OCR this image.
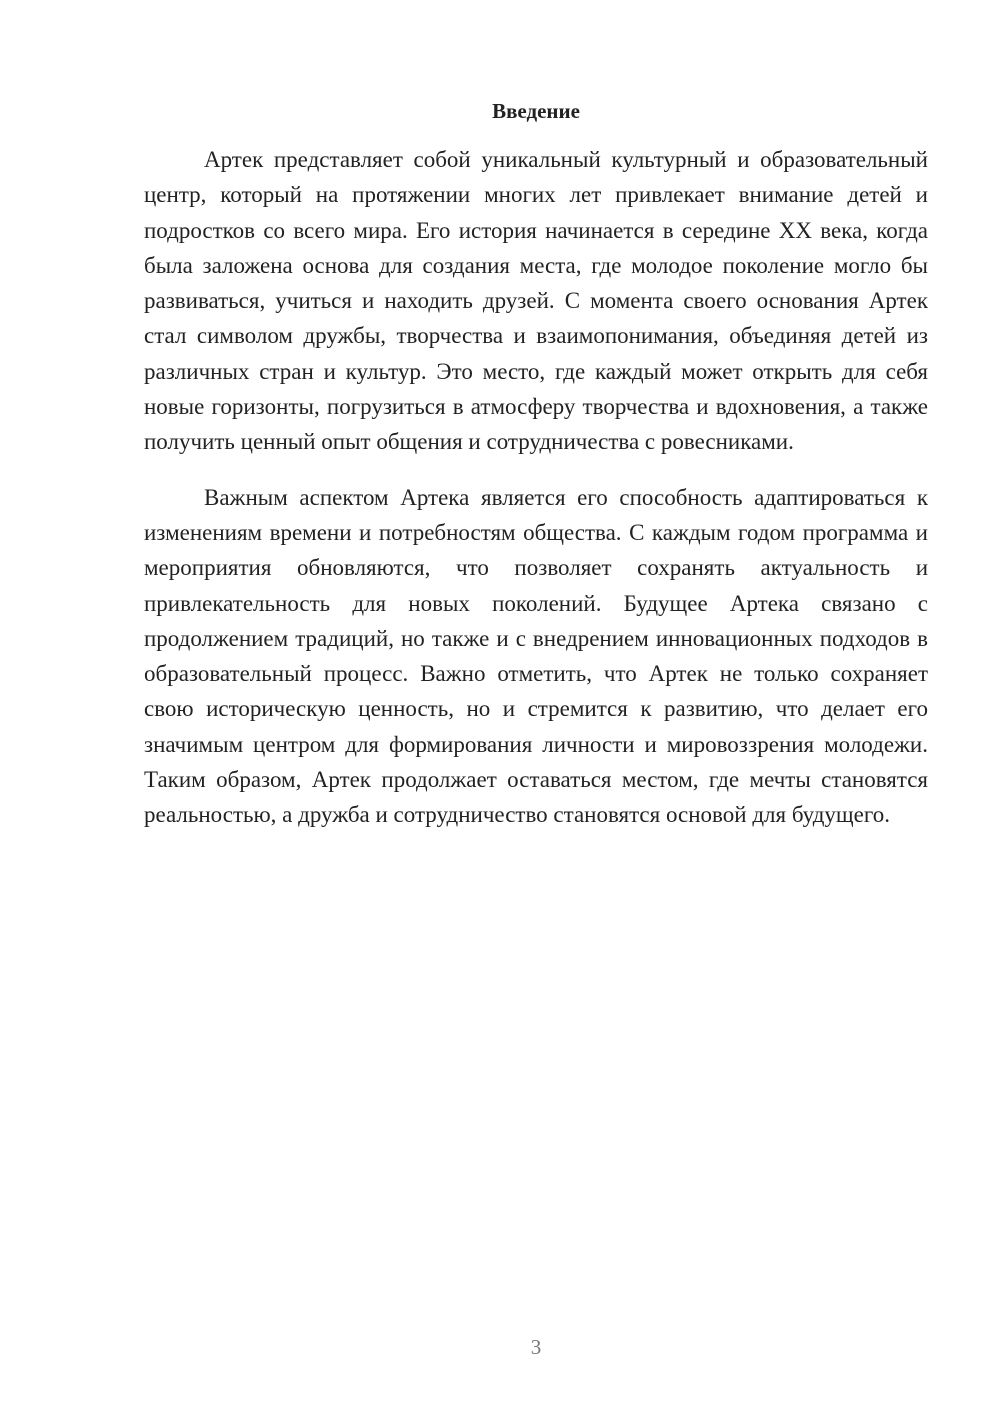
Введение

Артек представляет собой уникальный культурный и образовательный центр, который на протяжении многих лет привлекает внимание детей и подростков со всего мира. Его история начинается в середине XX века, когда была заложена основа для создания места, где молодое поколение могло бы развиваться, учиться и находить друзей. С момента своего основания Артек стал символом дружбы, творчества и взаимопонимания, объединяя детей из различных стран и культур. Это место, где каждый может открыть для себя новые горизонты, погрузиться в атмосферу творчества и вдохновения, а также получить ценный опыт общения и сотрудничества с ровесниками.

Важным аспектом Артека является его способность адаптироваться к изменениям времени и потребностям общества. С каждым годом программа и мероприятия обновляются, что позволяет сохранять актуальность и привлекательность для новых поколений. Будущее Артека связано с продолжением традиций, но также и с внедрением инновационных подходов в образовательный процесс. Важно отметить, что Артек не только сохраняет свою историческую ценность, но и стремится к развитию, что делает его значимым центром для формирования личности и мировоззрения молодежи. Таким образом, Артек продолжает оставаться местом, где мечты становятся реальностью, а дружба и сотрудничество становятся основой для будущего.

3
